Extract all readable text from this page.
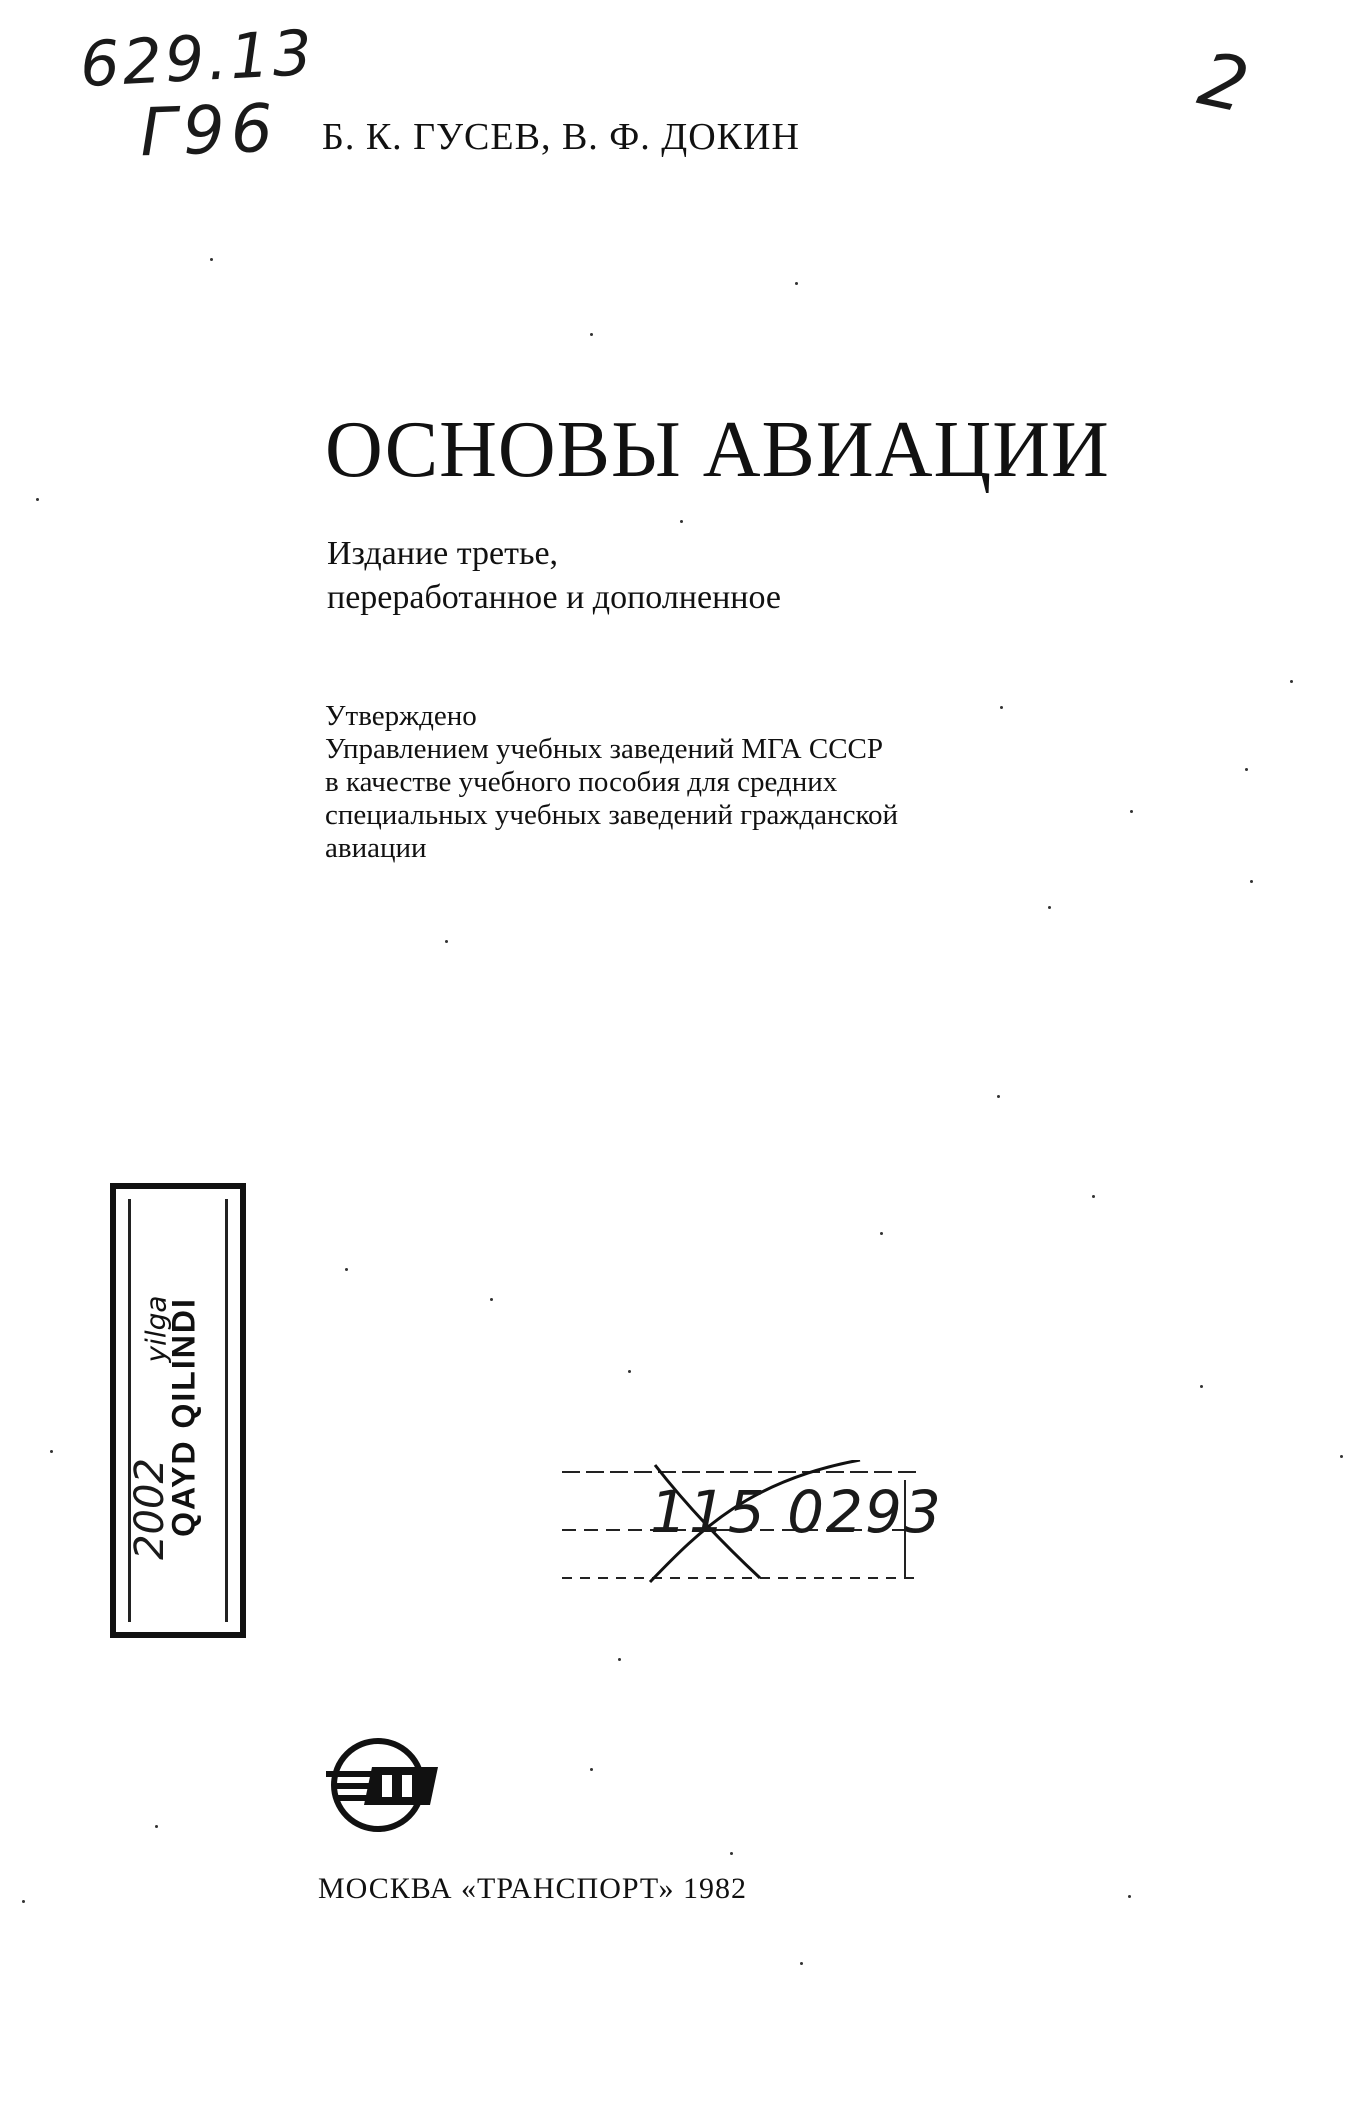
629.13
Г96
2
Б. К. ГУСЕВ, В. Ф. ДОКИН
ОСНОВЫ АВИАЦИИ
Издание третье,
переработанное и дополненное
Утверждено
Управлением учебных заведений МГА СССР
в качестве учебного пособия для средних
специальных учебных заведений гражданской
авиации
QAYD QILINDI
yilga
2002	115 0293
МОСКВА «ТРАНСПОРТ» 1982
